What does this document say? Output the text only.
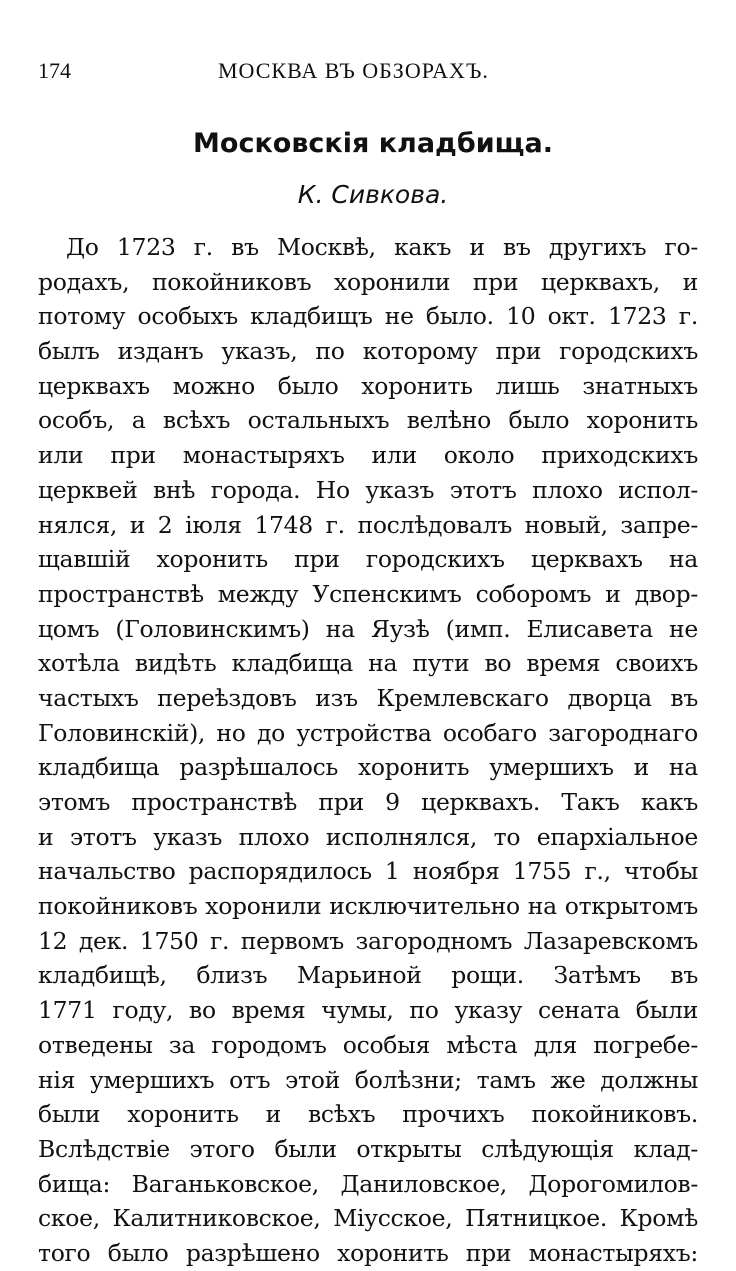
174	МОСКВА ВЪ ОБЗОРАХЪ.
Московскія кладбища.
К. Сивкова.
До 1723 г. въ Москвѣ, какъ и въ другихъ го-
родахъ, покойниковъ хоронили при церквахъ, и
потому особыхъ кладбищъ не было. 10 окт. 1723 г.
былъ изданъ указъ, по которому при городскихъ
церквахъ можно было хоронить лишь знатныхъ
особъ, а всѣхъ остальныхъ велѣно было хоронить
или при монастыряхъ или около приходскихъ
церквей внѣ города. Но указъ этотъ плохо испол-
нялся, и 2 іюля 1748 г. послѣдовалъ новый, запре-
щавшій хоронить при городскихъ церквахъ на
пространствѣ между Успенскимъ соборомъ и двор-
цомъ (Головинскимъ) на Яузѣ (имп. Елисавета не
хотѣла видѣть кладбища на пути во время своихъ
частыхъ переѣздовъ изъ Кремлевскаго дворца въ
Головинскій), но до устройства особаго загороднаго
кладбища разрѣшалось хоронить умершихъ и на
этомъ пространствѣ при 9 церквахъ. Такъ какъ
и этотъ указъ плохо исполнялся, то епархіальное
начальство распорядилось 1 ноября 1755 г., чтобы
покойниковъ хоронили исключительно на открытомъ
12 дек. 1750 г. первомъ загородномъ Лазаревскомъ
кладбищѣ, близъ Марьиной рощи. Затѣмъ въ
1771 году, во время чумы, по указу сената были
отведены за городомъ особыя мѣста для погребе-
нія умершихъ отъ этой болѣзни; тамъ же должны
были хоронить и всѣхъ прочихъ покойниковъ.
Вслѣдствіе этого были открыты слѣдующія клад-
бища: Ваганьковское, Даниловское, Дорогомилов-
ское, Калитниковское, Міусское, Пятницкое. Кромѣ
того было разрѣшено хоронить при монастыряхъ:
